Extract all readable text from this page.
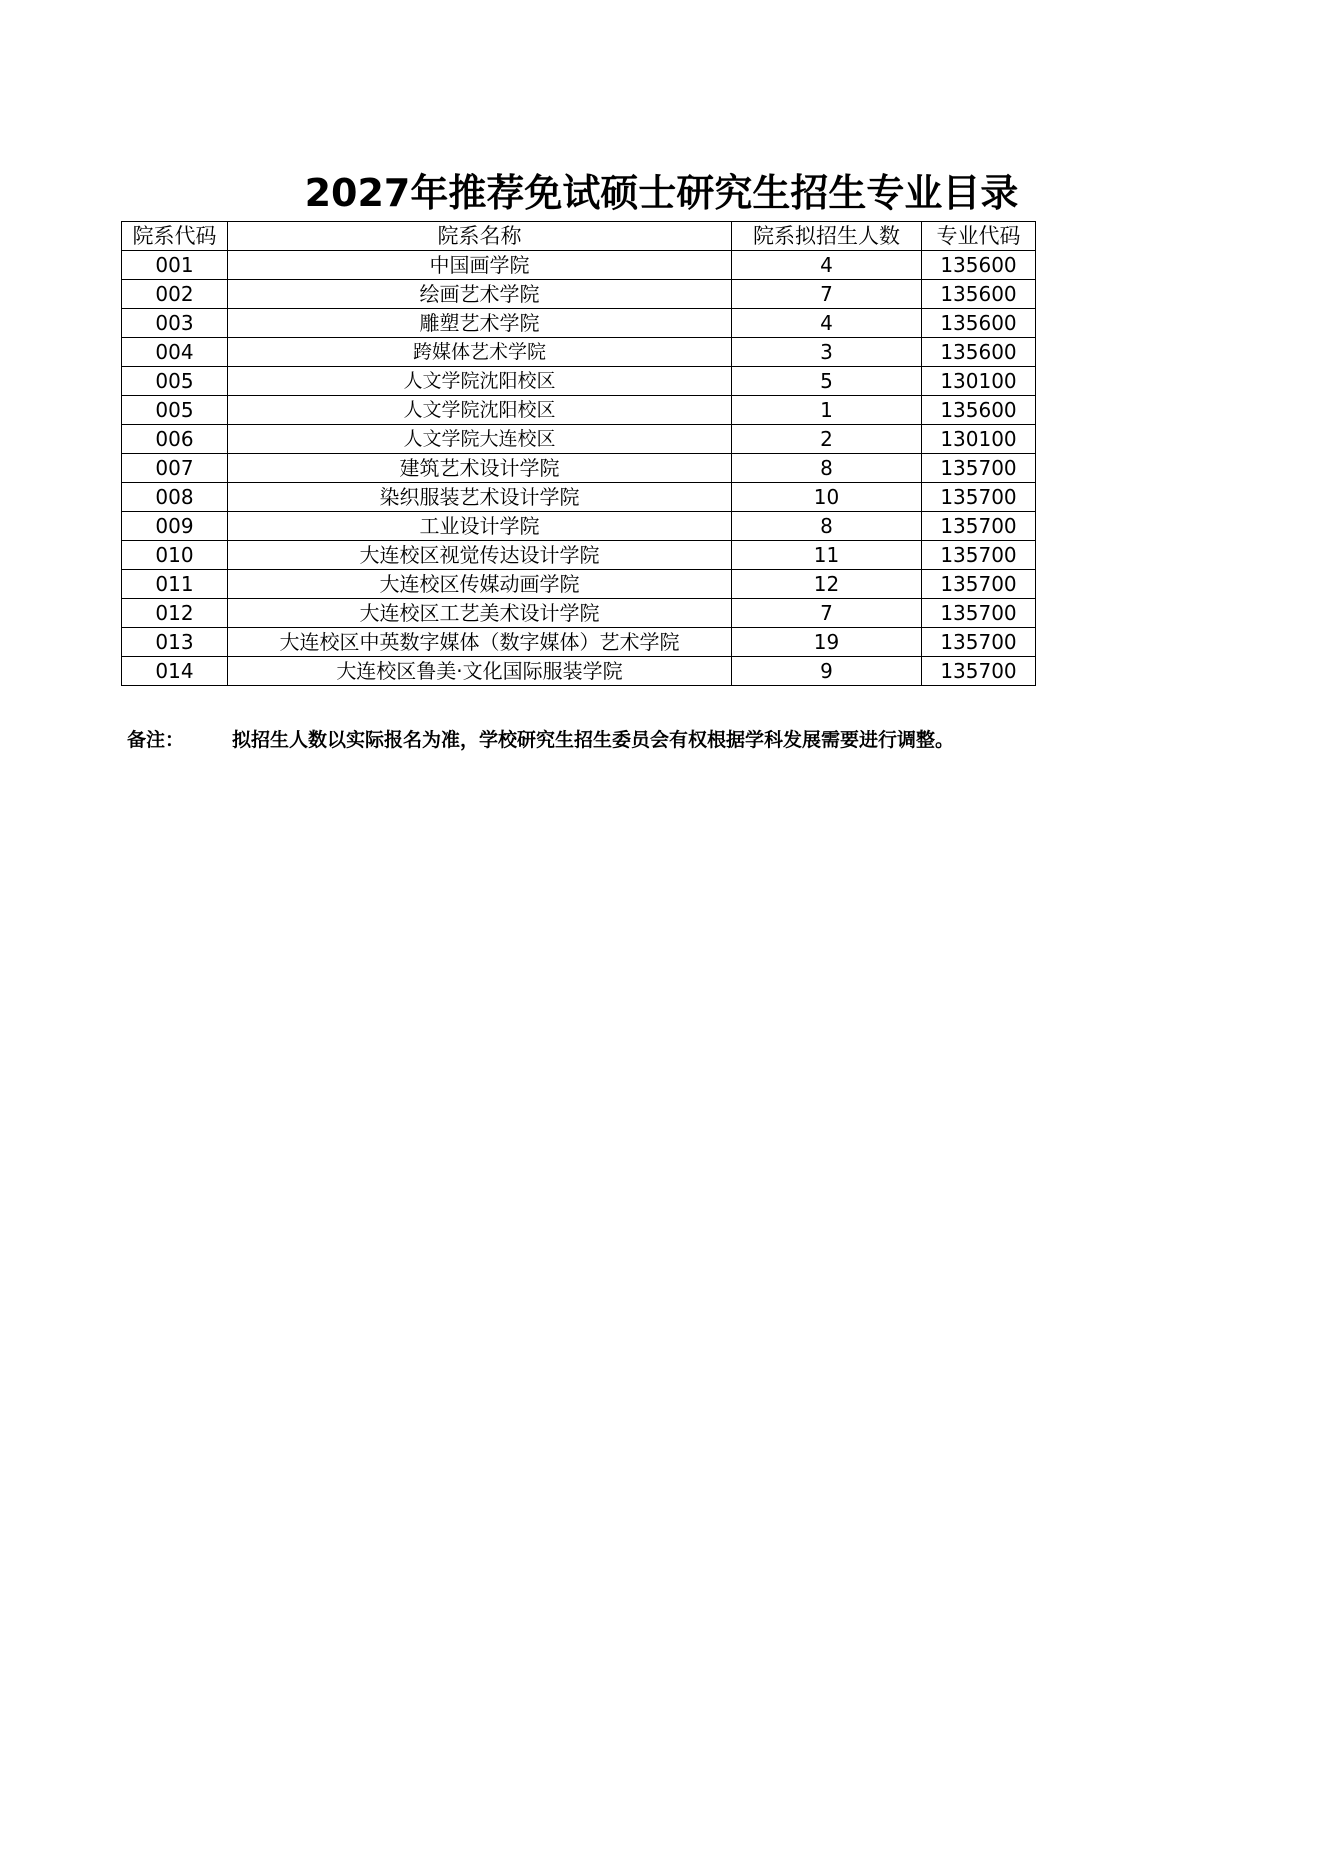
2027年推荐免试硕士研究生招生专业目录
院系代码	院系名称	院系拟招生人数	专业代码
001	中国画学院	4	135600
002	绘画艺术学院	7	135600
003	雕塑艺术学院	4	135600
004	跨媒体艺术学院	3	135600
005	人文学院沈阳校区	5	130100
005	人文学院沈阳校区	1	135600
006	人文学院大连校区	2	130100
007	建筑艺术设计学院	8	135700
008	染织服装艺术设计学院	10	135700
009	工业设计学院	8	135700
010	大连校区视觉传达设计学院	11	135700
011	大连校区传媒动画学院	12	135700
012	大连校区工艺美术设计学院	7	135700
013	大连校区中英数字媒体（数字媒体）艺术学院	19	135700
014	大连校区鲁美·文化国际服装学院	9	135700
备注：	拟招生人数以实际报名为准，学校研究生招生委员会有权根据学科发展需要进行调整。
